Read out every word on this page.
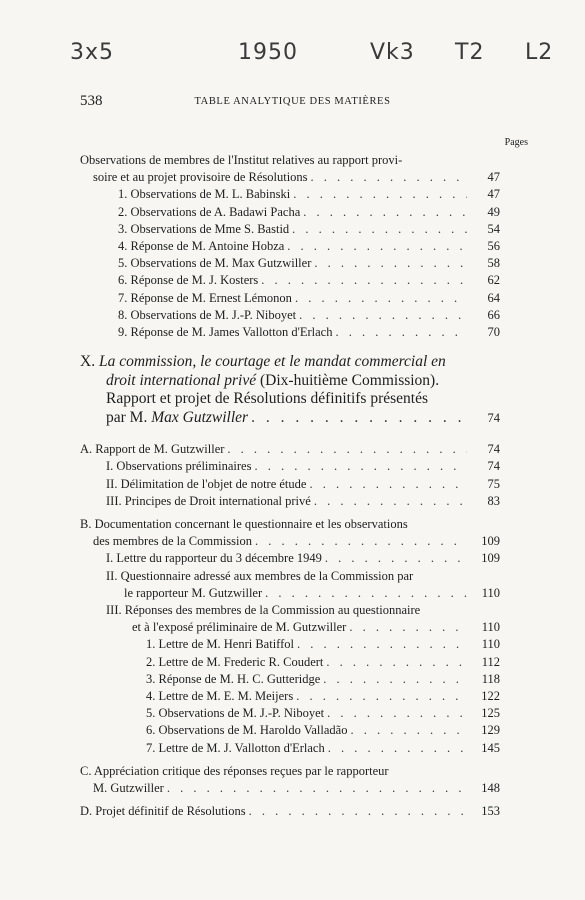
3x5	1950	Vk3 T2 L2
538	TABLE ANALYTIQUE DES MATIÈRES
Pages
Observations de membres de l'Institut relatives au rapport provi-
soire et au projet provisoire de Résolutions . . .	47
1. Observations de M. L. Babinski . . .	47
2. Observations de A. Badawi Pacha . . .	49
3. Observations de Mme S. Bastid . . .	54
4. Réponse de M. Antoine Hobza . . .	56
5. Observations de M. Max Gutzwiller . . .	58
6. Réponse de M. J. Kosters . . .	62
7. Réponse de M. Ernest Lémonon . . .	64
8. Observations de M. J.-P. Niboyet . . .	66
9. Réponse de M. James Vallotton d'Erlach . . .	70
X. La commission, le courtage et le mandat commercial en
droit international privé (Dix-huitième Commission).
Rapport et projet de Résolutions définitifs présentés
par M. Max Gutzwiller . . .	74
A. Rapport de M. Gutzwiller . . .	74
I. Observations préliminaires . . .	74
II. Délimitation de l'objet de notre étude . . .	75
III. Principes de Droit international privé . . .	83
B. Documentation concernant le questionnaire et les observations
des membres de la Commission . . .	109
I. Lettre du rapporteur du 3 décembre 1949 . . .	109
II. Questionnaire adressé aux membres de la Commission par
le rapporteur M. Gutzwiller . . .	110
III. Réponses des membres de la Commission au questionnaire
et à l'exposé préliminaire de M. Gutzwiller . . .	110
1. Lettre de M. Henri Batiffol . . .	110
2. Lettre de M. Frederic R. Coudert . . .	112
3. Réponse de M. H. C. Gutteridge . . .	118
4. Lettre de M. E. M. Meijers . . .	122
5. Observations de M. J.-P. Niboyet . . .	125
6. Observations de M. Haroldo Valladão . . .	129
7. Lettre de M. J. Vallotton d'Erlach . . .	145
C. Appréciation critique des réponses reçues par le rapporteur
M. Gutzwiller . . .	148
D. Projet définitif de Résolutions . . .	153
